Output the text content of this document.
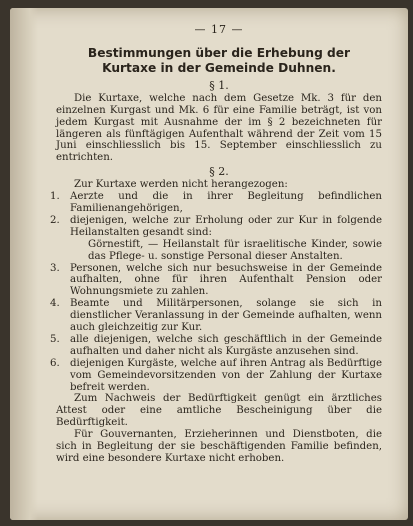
— 17 —
Bestimmungen über die Erhebung der
Kurtaxe in der Gemeinde Duhnen.
§ 1.
Die Kurtaxe, welche nach dem Gesetze Mk. 3 für den einzelnen Kurgast und Mk. 6 für eine Familie beträgt, ist von jedem Kurgast mit Ausnahme der im § 2 bezeichneten für längeren als fünftägigen Aufenthalt während der Zeit vom 15 Juni einschliesslich bis 15. September einschliesslich zu entrichten.
§ 2.
Zur Kurtaxe werden nicht herangezogen:
1. Aerzte und die in ihrer Begleitung befindlichen Familienangehörigen,
2. diejenigen, welche zur Erholung oder zur Kur in folgende Heilanstalten gesandt sind:
Görnestift, — Heilanstalt für israelitische Kinder, sowie das Pflege- u. sonstige Personal dieser Anstalten.
3. Personen, welche sich nur besuchsweise in der Gemeinde aufhalten, ohne für ihren Aufenthalt Pension oder Wohnungsmiete zu zahlen.
4. Beamte und Militärpersonen, solange sie sich in dienstlicher Veranlassung in der Gemeinde aufhalten, wenn auch gleichzeitig zur Kur.
5. alle diejenigen, welche sich geschäftlich in der Gemeinde aufhalten und daher nicht als Kurgäste anzusehen sind.
6. diejenigen Kurgäste, welche auf ihren Antrag als Bedürftige vom Gemeindevorsitzenden von der Zahlung der Kurtaxe befreit werden.
Zum Nachweis der Bedürftigkeit genügt ein ärztliches Attest oder eine amtliche Bescheinigung über die Bedürftigkeit.
Für Gouvernanten, Erzieherinnen und Dienstboten, die sich in Begleitung der sie beschäftigenden Familie befinden, wird eine besondere Kurtaxe nicht erhoben.
